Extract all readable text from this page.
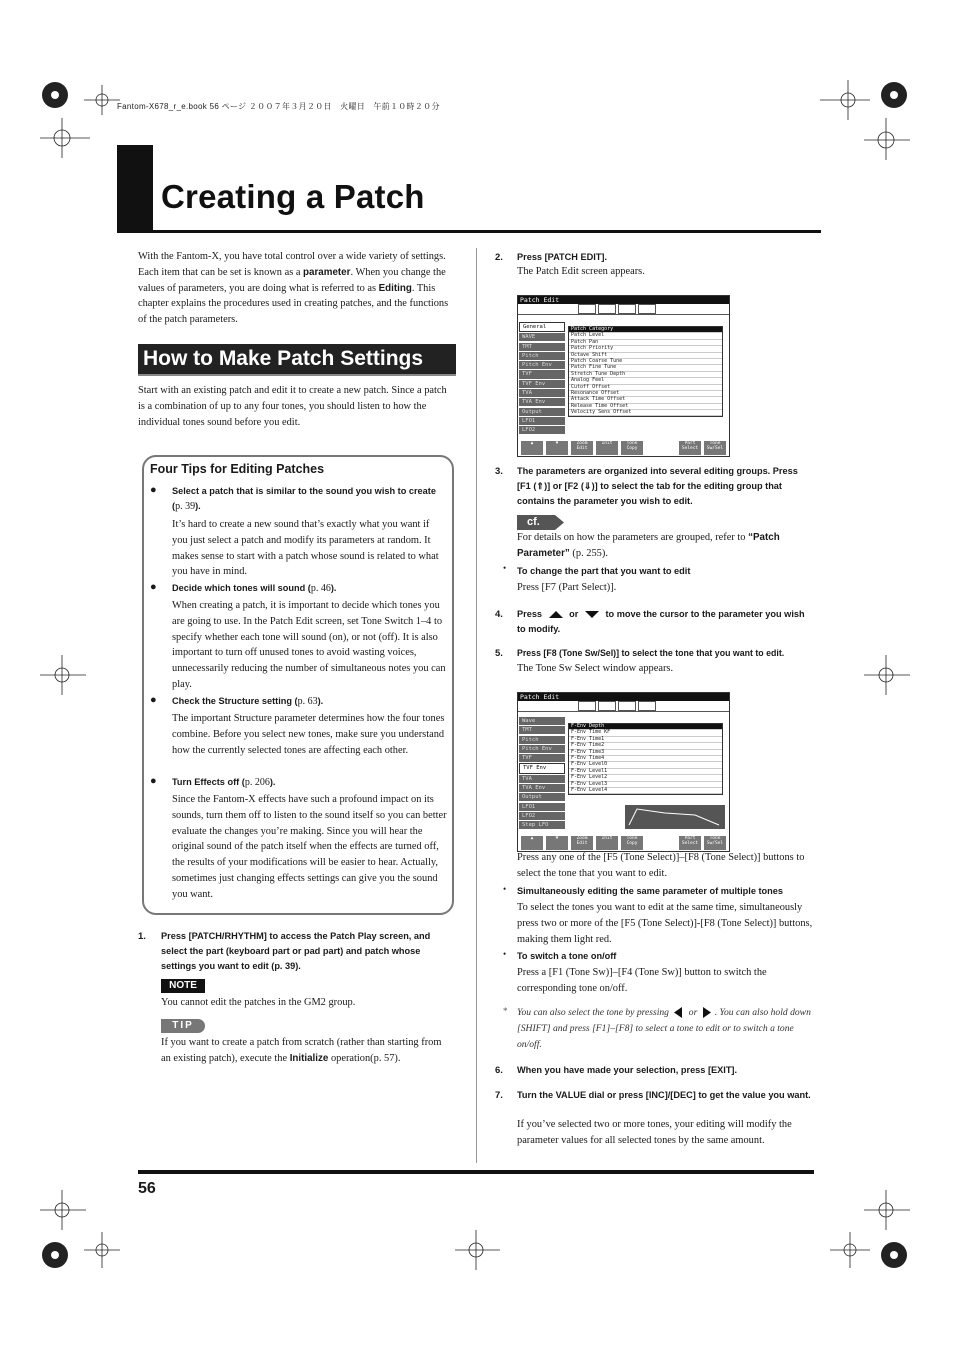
Fantom-X678_r_e.book 56 ページ ２００７年３月２０日　火曜日　午前１０時２０分
Creating a Patch
With the Fantom-X, you have total control over a wide variety of settings. Each item that can be set is known as a parameter. When you change the values of parameters, you are doing what is referred to as Editing. This chapter explains the procedures used in creating patches, and the functions of the patch parameters.
How to Make Patch Settings
Start with an existing patch and edit it to create a new patch. Since a patch is a combination of up to any four tones, you should listen to how the individual tones sound before you edit.
Four Tips for Editing Patches
● Select a patch that is similar to the sound you wish to create (p. 39).
It’s hard to create a new sound that’s exactly what you want if you just select a patch and modify its parameters at random. It makes sense to start with a patch whose sound is related to what you have in mind.
● Decide which tones will sound (p. 46).
When creating a patch, it is important to decide which tones you are going to use. In the Patch Edit screen, set Tone Switch 1–4 to specify whether each tone will sound (on), or not (off). It is also important to turn off unused tones to avoid wasting voices, unnecessarily reducing the number of simultaneous notes you can play.
● Check the Structure setting (p. 63).
The important Structure parameter determines how the four tones combine. Before you select new tones, make sure you understand how the currently selected tones are affecting each other.
● Turn Effects off (p. 206).
Since the Fantom-X effects have such a profound impact on its sounds, turn them off to listen to the sound itself so you can better evaluate the changes you’re making. Since you will hear the original sound of the patch itself when the effects are turned off, the results of your modifications will be easier to hear. Actually, sometimes just changing effects settings can give you the sound you want.
1. Press [PATCH/RHYTHM] to access the Patch Play screen, and select the part (keyboard part or pad part) and patch whose settings you want to edit (p. 39).
NOTE
You cannot edit the patches in the GM2 group.
TIP
If you want to create a patch from scratch (rather than starting from an existing patch), execute the Initialize operation(p. 57).
2. Press [PATCH EDIT].
The Patch Edit screen appears.
Patch Edit
General
WAVE
TMT
Pitch
Pitch Env
TVF
TVF Env
TVA
TVA Env
Output
LFO1
LFO2
Patch Category
Patch Level
Patch Pan
Patch Priority
Octave Shift
Patch Coarse Tune
Patch Fine Tune
Stretch Tune Depth
Analog Feel
Cutoff Offset
Resonance Offset
Attack Time Offset
Release Time Offset
Velocity Sens Offset
▲	▼	Zoom Edit
Init	Tone Copy
Part Select
Tone Sw/Sel
3. The parameters are organized into several editing groups. Press [F1 (⇑)] or [F2 (⇓)] to select the tab for the editing group that contains the parameter you wish to edit.
cf.
For details on how the parameters are grouped, refer to “Patch Parameter” (p. 255).
• To change the part that you want to edit
Press [F7 (Part Select)].
4. Press	or	to move the cursor to the parameter you wish to modify.
5. Press [F8 (Tone Sw/Sel)] to select the tone that you want to edit.
The Tone Sw Select window appears.
Patch Edit
Wave
TMT
Pitch
Pitch Env
TVF
TVF Env
TVA
TVA Env
Output
LFO1
LFO2
Step LFO
F-Env Depth
F-Env Time KF
F-Env Time1
F-Env Time2
F-Env Time3
F-Env Time4
F-Env Level0
F-Env Level1
F-Env Level2
F-Env Level3
F-Env Level4
▲	▼	Zoom Edit
Init	Tone Copy
Part Select
Tone Sw/Sel
Press any one of the [F5 (Tone Select)]–[F8 (Tone Select)] buttons to select the tone that you want to edit.
• Simultaneously editing the same parameter of multiple tones
To select the tones you want to edit at the same time, simultaneously press two or more of the [F5 (Tone Select)]-[F8 (Tone Select)] buttons, making them light red.
• To switch a tone on/off
Press a [F1 (Tone Sw)]–[F4 (Tone Sw)] button to switch the corresponding tone on/off.
* You can also select the tone by pressing or . You can also hold down [SHIFT] and press [F1]–[F8] to select a tone to edit or to switch a tone on/off.
6. When you have made your selection, press [EXIT].
7. Turn the VALUE dial or press [INC]/[DEC] to get the value you want.
If you’ve selected two or more tones, your editing will modify the parameter values for all selected tones by the same amount.
56
